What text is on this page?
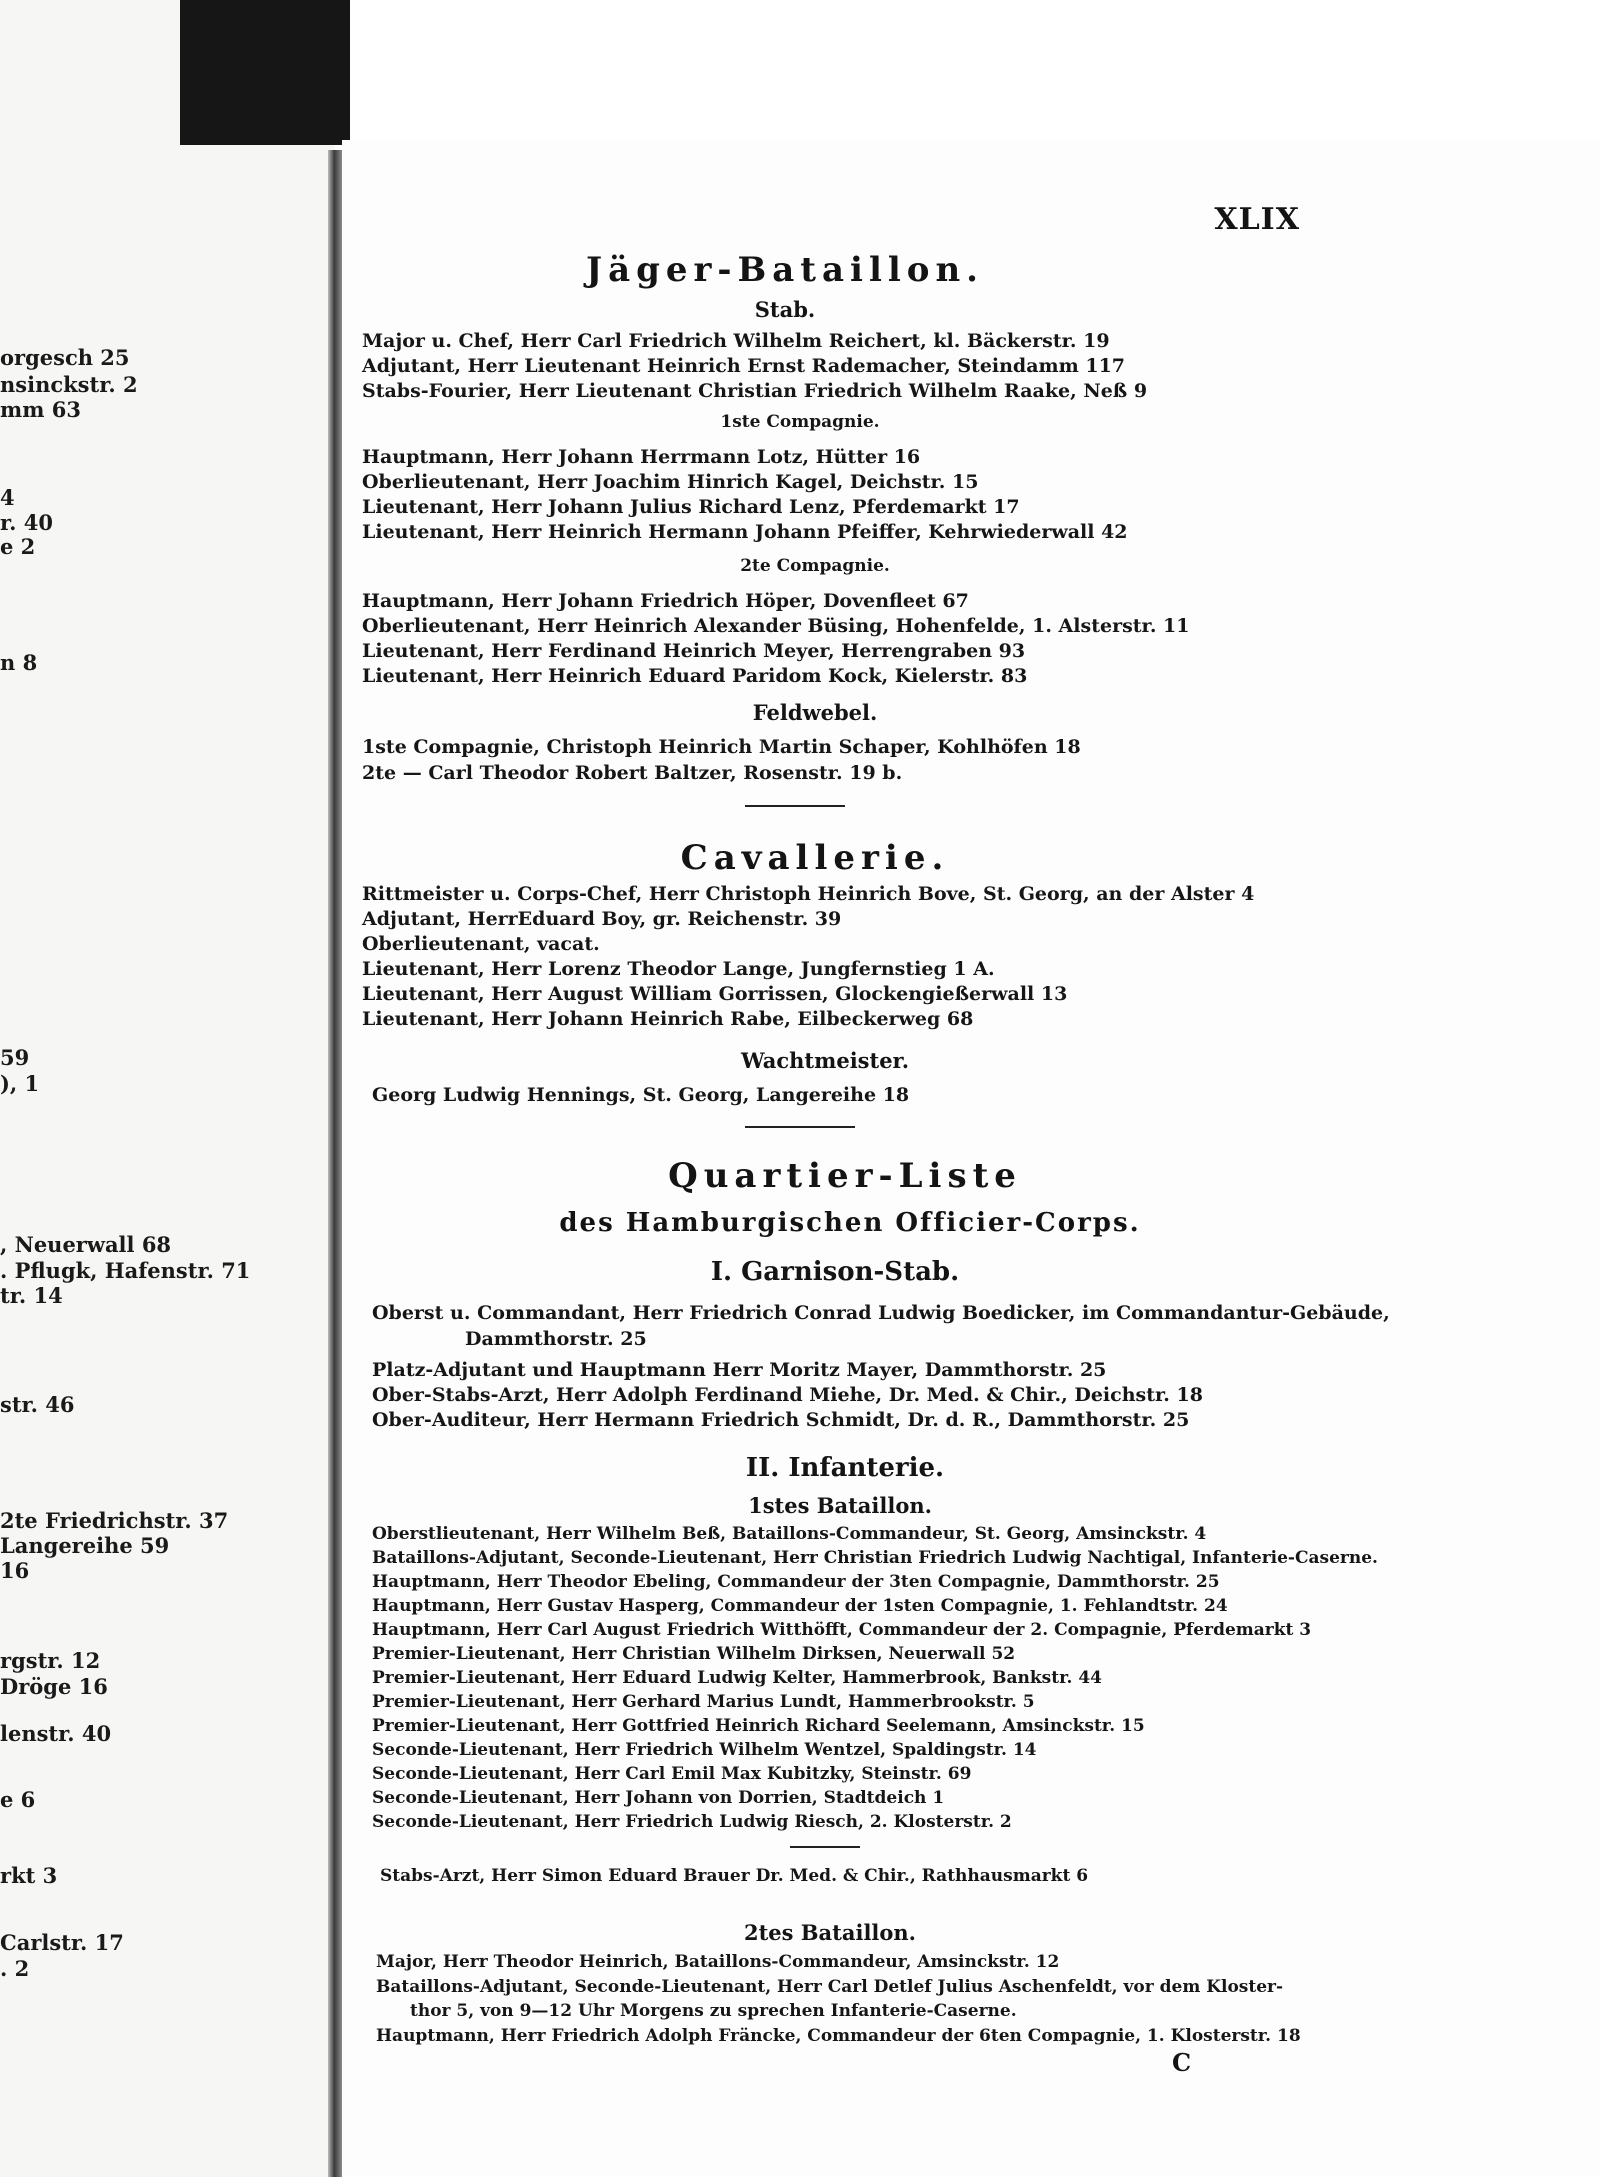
orgesch 25
nsinckstr. 2
mm 63
4
r. 40
e 2
n 8
59
), 1
, Neuerwall 68
. Pflugk, Hafenstr. 71
tr. 14
str. 46
2te Friedrichstr. 37
Langereihe 59
16
rgstr. 12
Dröge 16
lenstr. 40
e 6
rkt 3
Carlstr. 17
. 2
XLIX
Jäger-Bataillon.
Stab.
Major u. Chef, Herr Carl Friedrich Wilhelm Reichert, kl. Bäckerstr. 19
Adjutant, Herr Lieutenant Heinrich Ernst Rademacher, Steindamm 117
Stabs-Fourier, Herr Lieutenant Christian Friedrich Wilhelm Raake, Neß 9
1ste Compagnie.
Hauptmann, Herr Johann Herrmann Lotz, Hütter 16
Oberlieutenant, Herr Joachim Hinrich Kagel, Deichstr. 15
Lieutenant, Herr Johann Julius Richard Lenz, Pferdemarkt 17
Lieutenant, Herr Heinrich Hermann Johann Pfeiffer, Kehrwiederwall 42
2te Compagnie.
Hauptmann, Herr Johann Friedrich Höper, Dovenfleet 67
Oberlieutenant, Herr Heinrich Alexander Büsing, Hohenfelde, 1. Alsterstr. 11
Lieutenant, Herr Ferdinand Heinrich Meyer, Herrengraben 93
Lieutenant, Herr Heinrich Eduard Paridom Kock, Kielerstr. 83
Feldwebel.
1ste Compagnie, Christoph Heinrich Martin Schaper, Kohlhöfen 18
2te — Carl Theodor Robert Baltzer, Rosenstr. 19 b.
Cavallerie.
Rittmeister u. Corps-Chef, Herr Christoph Heinrich Bove, St. Georg, an der Alster 4
Adjutant, HerrEduard Boy, gr. Reichenstr. 39
Oberlieutenant, vacat.
Lieutenant, Herr Lorenz Theodor Lange, Jungfernstieg 1 A.
Lieutenant, Herr August William Gorrissen, Glockengießerwall 13
Lieutenant, Herr Johann Heinrich Rabe, Eilbeckerweg 68
Wachtmeister.
Georg Ludwig Hennings, St. Georg, Langereihe 18
Quartier-Liste
des Hamburgischen Officier-Corps.
I. Garnison-Stab.
Oberst u. Commandant, Herr Friedrich Conrad Ludwig Boedicker, im Commandantur-Gebäude,
Dammthorstr. 25
Platz-Adjutant und Hauptmann Herr Moritz Mayer, Dammthorstr. 25
Ober-Stabs-Arzt, Herr Adolph Ferdinand Miehe, Dr. Med. & Chir., Deichstr. 18
Ober-Auditeur, Herr Hermann Friedrich Schmidt, Dr. d. R., Dammthorstr. 25
II. Infanterie.
1stes Bataillon.
Oberstlieutenant, Herr Wilhelm Beß, Bataillons-Commandeur, St. Georg, Amsinckstr. 4
Bataillons-Adjutant, Seconde-Lieutenant, Herr Christian Friedrich Ludwig Nachtigal, Infanterie-Caserne.
Hauptmann, Herr Theodor Ebeling, Commandeur der 3ten Compagnie, Dammthorstr. 25
Hauptmann, Herr Gustav Hasperg, Commandeur der 1sten Compagnie, 1. Fehlandtstr. 24
Hauptmann, Herr Carl August Friedrich Witthöfft, Commandeur der 2. Compagnie, Pferdemarkt 3
Premier-Lieutenant, Herr Christian Wilhelm Dirksen, Neuerwall 52
Premier-Lieutenant, Herr Eduard Ludwig Kelter, Hammerbrook, Bankstr. 44
Premier-Lieutenant, Herr Gerhard Marius Lundt, Hammerbrookstr. 5
Premier-Lieutenant, Herr Gottfried Heinrich Richard Seelemann, Amsinckstr. 15
Seconde-Lieutenant, Herr Friedrich Wilhelm Wentzel, Spaldingstr. 14
Seconde-Lieutenant, Herr Carl Emil Max Kubitzky, Steinstr. 69
Seconde-Lieutenant, Herr Johann von Dorrien, Stadtdeich 1
Seconde-Lieutenant, Herr Friedrich Ludwig Riesch, 2. Klosterstr. 2
Stabs-Arzt, Herr Simon Eduard Brauer Dr. Med. & Chir., Rathhausmarkt 6
2tes Bataillon.
Major, Herr Theodor Heinrich, Bataillons-Commandeur, Amsinckstr. 12
Bataillons-Adjutant, Seconde-Lieutenant, Herr Carl Detlef Julius Aschenfeldt, vor dem Kloster-
thor 5, von 9—12 Uhr Morgens zu sprechen Infanterie-Caserne.
Hauptmann, Herr Friedrich Adolph Fräncke, Commandeur der 6ten Compagnie, 1. Klosterstr. 18
C
